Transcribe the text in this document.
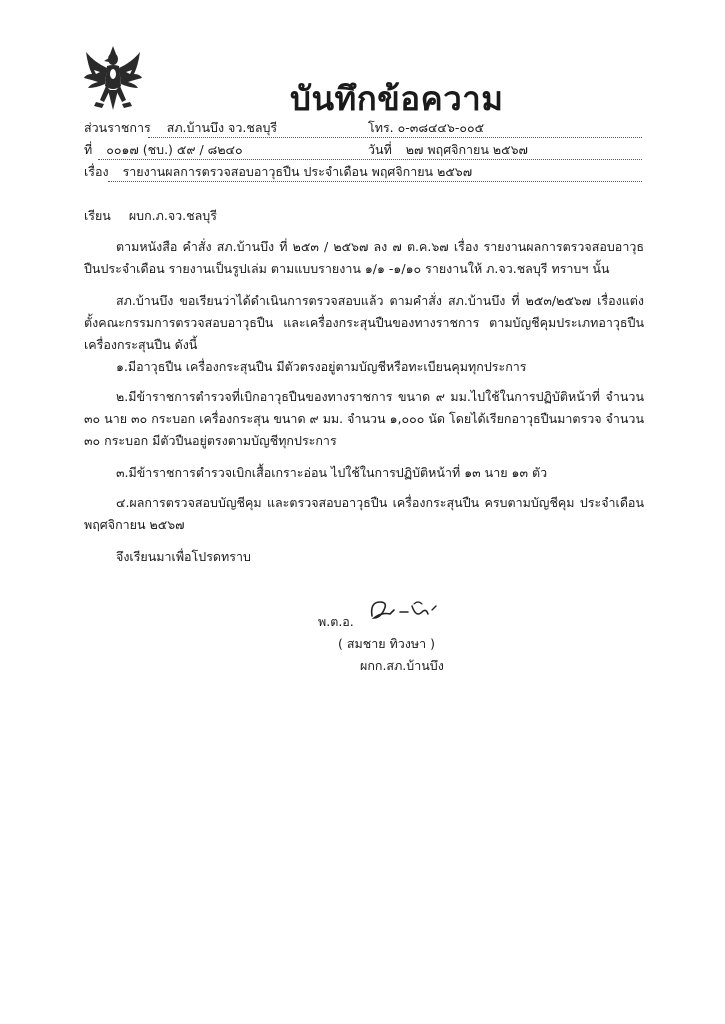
บันทึกข้อความ
ส่วนราชการ สภ.บ้านบึง จว.ชลบุรี	โทร. ๐-๓๘๔๔๖-๐๐๕
ที่ ๐๐๑๗ (ชบ.) ๕๙ / ๘๒๔๐	วันที่ ๒๗ พฤศจิกายน ๒๕๖๗
เรื่อง รายงานผลการตรวจสอบอาวุธปืน ประจำเดือน พฤศจิกายน ๒๕๖๗
เรียน ผบก.ภ.จว.ชลบุรี
ตามหนังสือ คำสั่ง สภ.บ้านบึง ที่ ๒๕๓ / ๒๕๖๗ ลง ๗ ต.ค.๖๗ เรื่อง รายงานผลการตรวจสอบอาวุธปืนประจำเดือน รายงานเป็นรูปเล่ม ตามแบบรายงาน ๑/๑ -๑/๑๐ รายงานให้ ภ.จว.ชลบุรี ทราบฯ นั้น
สภ.บ้านบึง ขอเรียนว่าได้ดำเนินการตรวจสอบแล้ว ตามคำสั่ง สภ.บ้านบึง ที่ ๒๕๓/๒๕๖๗ เรื่องแต่งตั้งคณะกรรมการตรวจสอบอาวุธปืน และเครื่องกระสุนปืนของทางราชการ ตามบัญชีคุมประเภทอาวุธปืน เครื่องกระสุนปืน ดังนี้
๑.มีอาวุธปืน เครื่องกระสุนปืน มีตัวตรงอยู่ตามบัญชีหรือทะเบียนคุมทุกประการ
๒.มีข้าราชการตำรวจที่เบิกอาวุธปืนของทางราชการ ขนาด ๙ มม.ไปใช้ในการปฏิบัติหน้าที่ จำนวน ๓๐ นาย ๓๐ กระบอก เครื่องกระสุน ขนาด ๙ มม. จำนวน ๑,๐๐๐ นัด โดยได้เรียกอาวุธปืนมาตรวจ จำนวน ๓๐ กระบอก มีตัวปืนอยู่ตรงตามบัญชีทุกประการ
๓.มีข้าราชการตำรวจเบิกเสื้อเกราะอ่อน ไปใช้ในการปฏิบัติหน้าที่ ๑๓ นาย ๑๓ ตัว
๔.ผลการตรวจสอบบัญชีคุม และตรวจสอบอาวุธปืน เครื่องกระสุนปืน ครบตามบัญชีคุม ประจำเดือน พฤศจิกายน ๒๕๖๗
จึงเรียนมาเพื่อโปรดทราบ
พ.ต.อ.
( สมชาย ทิวงษา )
ผกก.สภ.บ้านบึง
